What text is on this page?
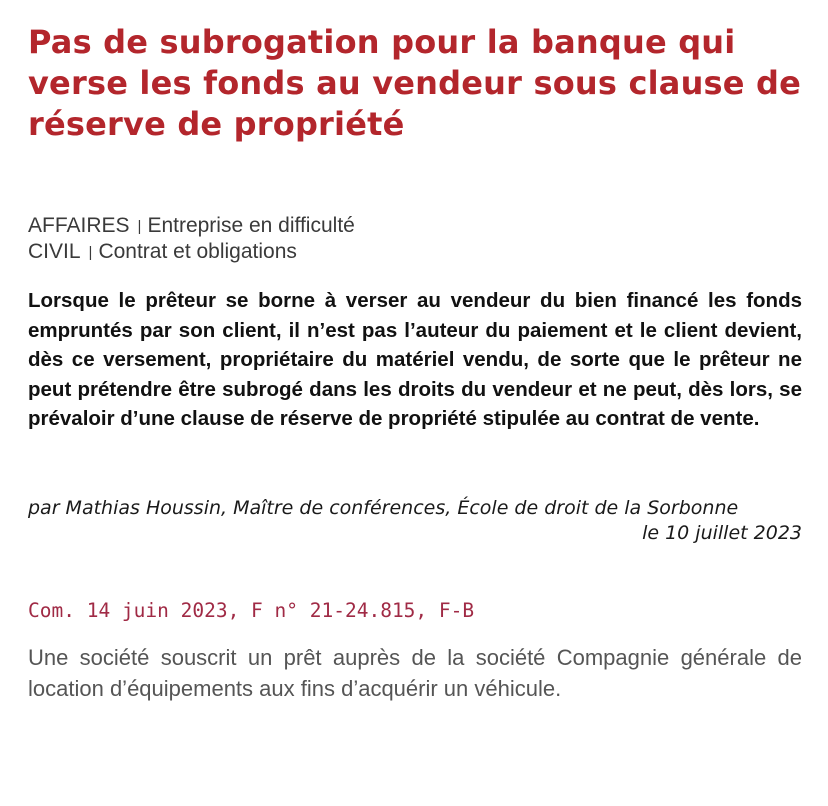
Pas de subrogation pour la banque qui verse les fonds au vendeur sous clause de réserve de propriété
AFFAIRES | Entreprise en difficulté
CIVIL | Contrat et obligations

Lorsque le prêteur se borne à verser au vendeur du bien financé les fonds empruntés par son client, il n’est pas l’auteur du paiement et le client devient, dès ce versement, propriétaire du matériel vendu, de sorte que le prêteur ne peut prétendre être subrogé dans les droits du vendeur et ne peut, dès lors, se prévaloir d’une clause de réserve de propriété stipulée au contrat de vente.

par Mathias Houssin, Maître de conférences, École de droit de la Sorbonne
le 10 juillet 2023
Com. 14 juin 2023, F n° 21-24.815, F-B

Une société souscrit un prêt auprès de la société Compagnie générale de location d’équipements aux fins d’acquérir un véhicule.
